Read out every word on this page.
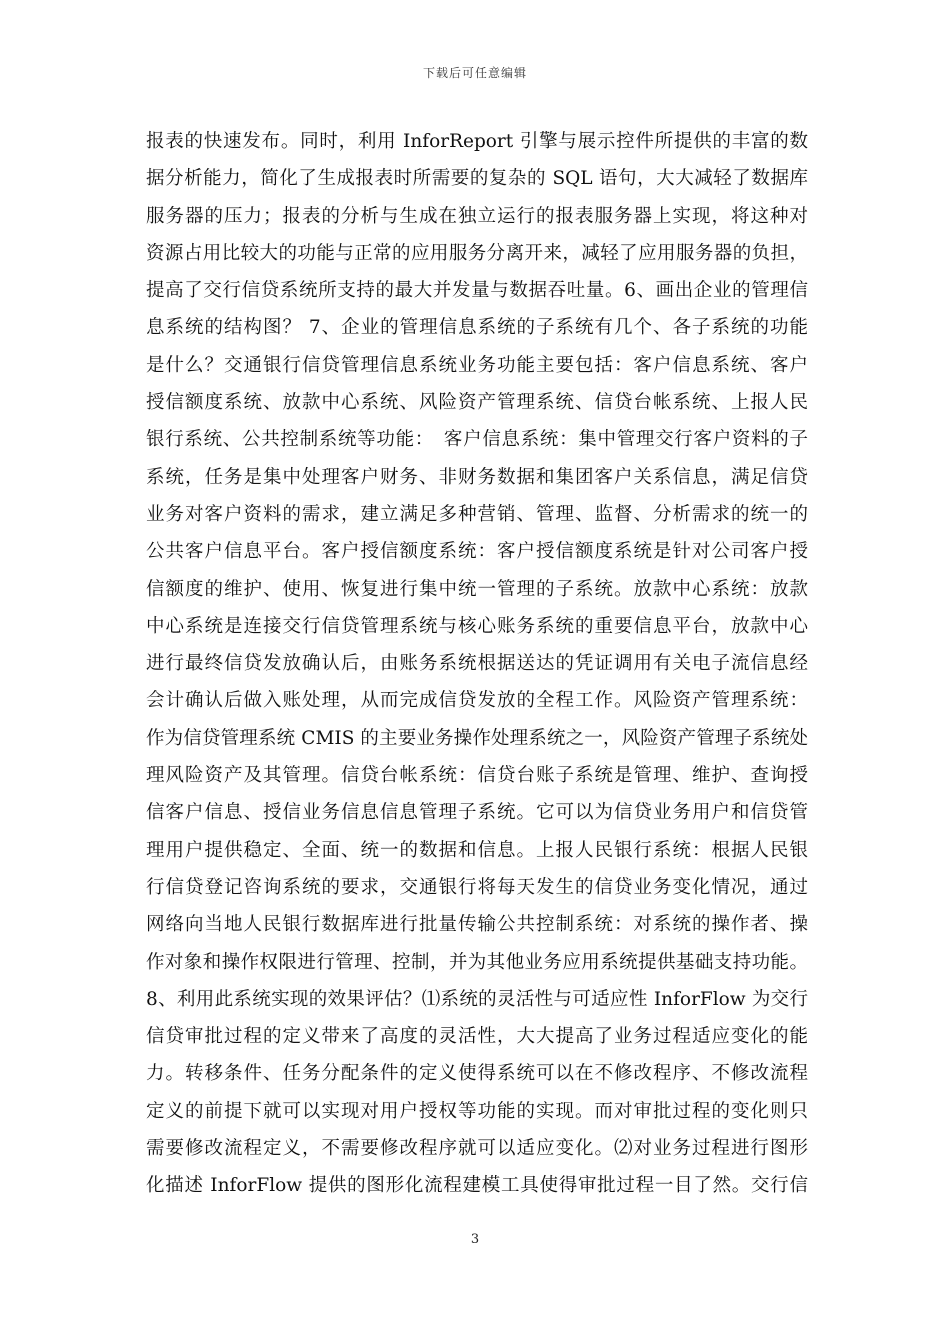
下载后可任意编辑
报表的快速发布。同时，利用 InforReport 引擎与展示控件所提供的丰富的数
据分析能力，简化了生成报表时所需要的复杂的 SQL 语句，大大减轻了数据库
服务器的压力；报表的分析与生成在独立运行的报表服务器上实现，将这种对
资源占用比较大的功能与正常的应用服务分离开来，减轻了应用服务器的负担，
提高了交行信贷系统所支持的最大并发量与数据吞吐量。6、画出企业的管理信
息系统的结构图？ 7、企业的管理信息系统的子系统有几个、各子系统的功能
是什么？交通银行信贷管理信息系统业务功能主要包括：客户信息系统、客户
授信额度系统、放款中心系统、风险资产管理系统、信贷台帐系统、上报人民
银行系统、公共控制系统等功能：　客户信息系统：集中管理交行客户资料的子
系统，任务是集中处理客户财务、非财务数据和集团客户关系信息，满足信贷
业务对客户资料的需求，建立满足多种营销、管理、监督、分析需求的统一的
公共客户信息平台。客户授信额度系统：客户授信额度系统是针对公司客户授
信额度的维护、使用、恢复进行集中统一管理的子系统。放款中心系统：放款
中心系统是连接交行信贷管理系统与核心账务系统的重要信息平台，放款中心
进行最终信贷发放确认后，由账务系统根据送达的凭证调用有关电子流信息经
会计确认后做入账处理，从而完成信贷发放的全程工作。风险资产管理系统：
作为信贷管理系统 CMIS 的主要业务操作处理系统之一，风险资产管理子系统处
理风险资产及其管理。信贷台帐系统：信贷台账子系统是管理、维护、查询授
信客户信息、授信业务信息信息管理子系统。它可以为信贷业务用户和信贷管
理用户提供稳定、全面、统一的数据和信息。上报人民银行系统：根据人民银
行信贷登记咨询系统的要求，交通银行将每天发生的信贷业务变化情况，通过
网络向当地人民银行数据库进行批量传输公共控制系统：对系统的操作者、操
作对象和操作权限进行管理、控制，并为其他业务应用系统提供基础支持功能。
8、利用此系统实现的效果评估？⑴系统的灵活性与可适应性 InforFlow 为交行
信贷审批过程的定义带来了高度的灵活性，大大提高了业务过程适应变化的能
力。转移条件、任务分配条件的定义使得系统可以在不修改程序、不修改流程
定义的前提下就可以实现对用户授权等功能的实现。而对审批过程的变化则只
需要修改流程定义，不需要修改程序就可以适应变化。⑵对业务过程进行图形
化描述 InforFlow 提供的图形化流程建模工具使得审批过程一目了然。交行信
3
